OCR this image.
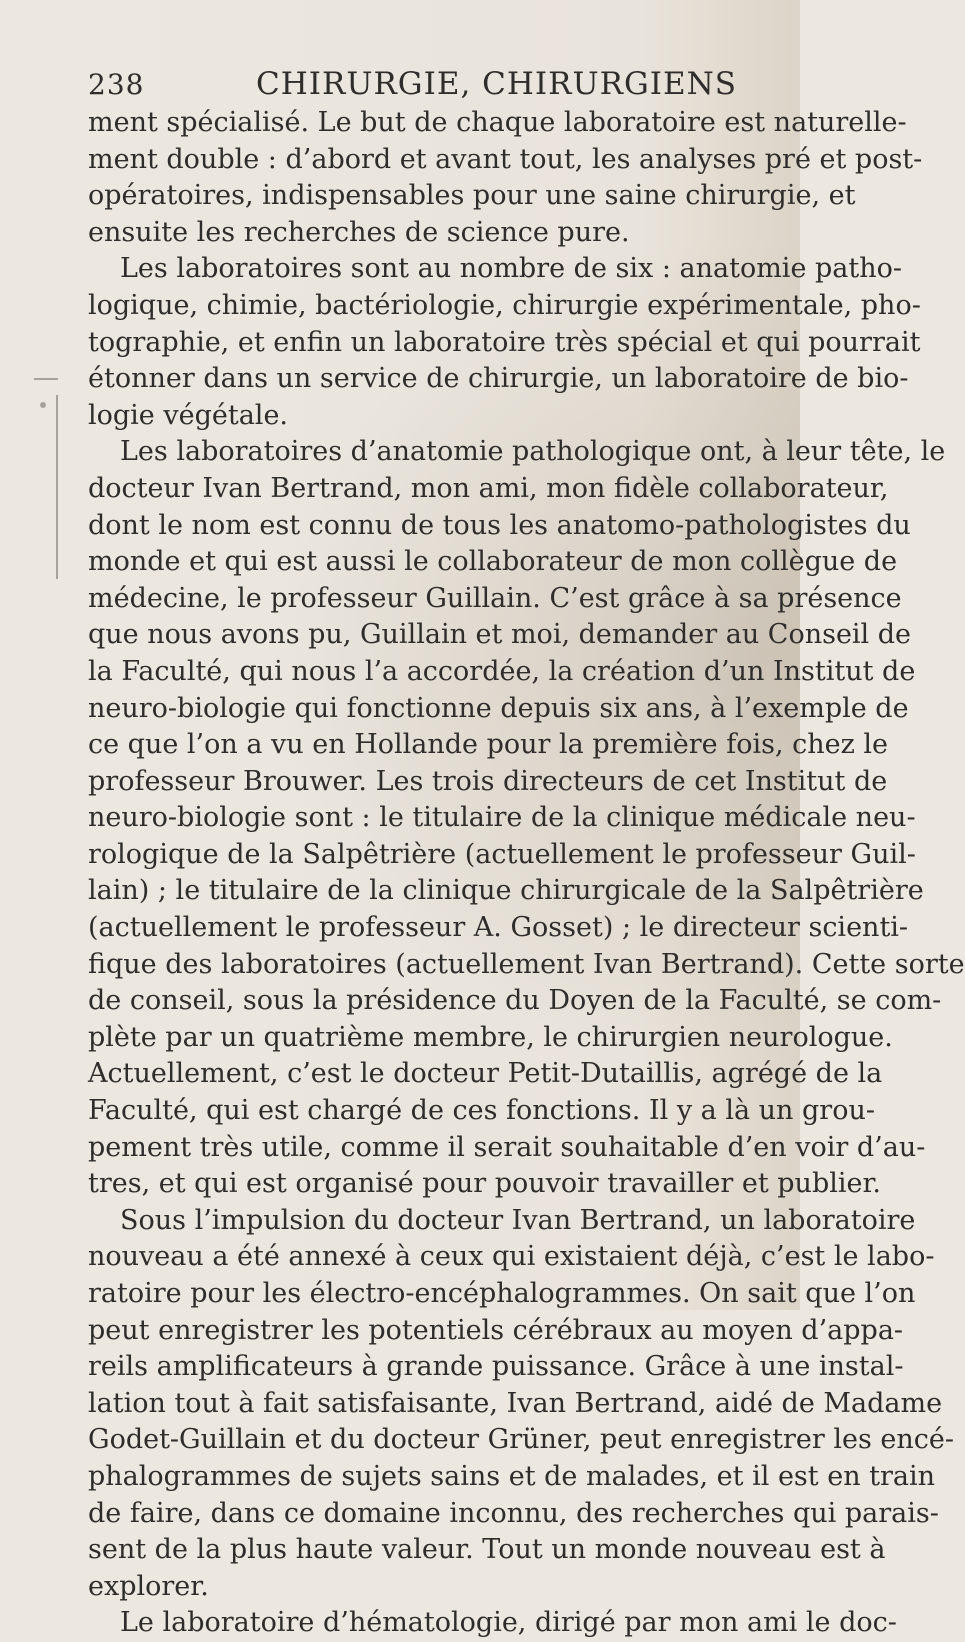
238	CHIRURGIE, CHIRURGIENS
ment spécialisé. Le but de chaque laboratoire est naturelle-
ment double : d’abord et avant tout, les analyses pré et post-
opératoires, indispensables pour une saine chirurgie, et
ensuite les recherches de science pure.
Les laboratoires sont au nombre de six : anatomie patho-
logique, chimie, bactériologie, chirurgie expérimentale, pho-
tographie, et enfin un laboratoire très spécial et qui pourrait
étonner dans un service de chirurgie, un laboratoire de bio-
logie végétale.
Les laboratoires d’anatomie pathologique ont, à leur tête, le
docteur Ivan Bertrand, mon ami, mon fidèle collaborateur,
dont le nom est connu de tous les anatomo-pathologistes du
monde et qui est aussi le collaborateur de mon collègue de
médecine, le professeur Guillain. C’est grâce à sa présence
que nous avons pu, Guillain et moi, demander au Conseil de
la Faculté, qui nous l’a accordée, la création d’un Institut de
neuro-biologie qui fonctionne depuis six ans, à l’exemple de
ce que l’on a vu en Hollande pour la première fois, chez le
professeur Brouwer. Les trois directeurs de cet Institut de
neuro-biologie sont : le titulaire de la clinique médicale neu-
rologique de la Salpêtrière (actuellement le professeur Guil-
lain) ; le titulaire de la clinique chirurgicale de la Salpêtrière
(actuellement le professeur A. Gosset) ; le directeur scienti-
fique des laboratoires (actuellement Ivan Bertrand). Cette sorte
de conseil, sous la présidence du Doyen de la Faculté, se com-
plète par un quatrième membre, le chirurgien neurologue.
Actuellement, c’est le docteur Petit-Dutaillis, agrégé de la
Faculté, qui est chargé de ces fonctions. Il y a là un grou-
pement très utile, comme il serait souhaitable d’en voir d’au-
tres, et qui est organisé pour pouvoir travailler et publier.
Sous l’impulsion du docteur Ivan Bertrand, un laboratoire
nouveau a été annexé à ceux qui existaient déjà, c’est le labo-
ratoire pour les électro-encéphalogrammes. On sait que l’on
peut enregistrer les potentiels cérébraux au moyen d’appa-
reils amplificateurs à grande puissance. Grâce à une instal-
lation tout à fait satisfaisante, Ivan Bertrand, aidé de Madame
Godet-Guillain et du docteur Grüner, peut enregistrer les encé-
phalogrammes de sujets sains et de malades, et il est en train
de faire, dans ce domaine inconnu, des recherches qui parais-
sent de la plus haute valeur. Tout un monde nouveau est à
explorer.
Le laboratoire d’hématologie, dirigé par mon ami le doc-
